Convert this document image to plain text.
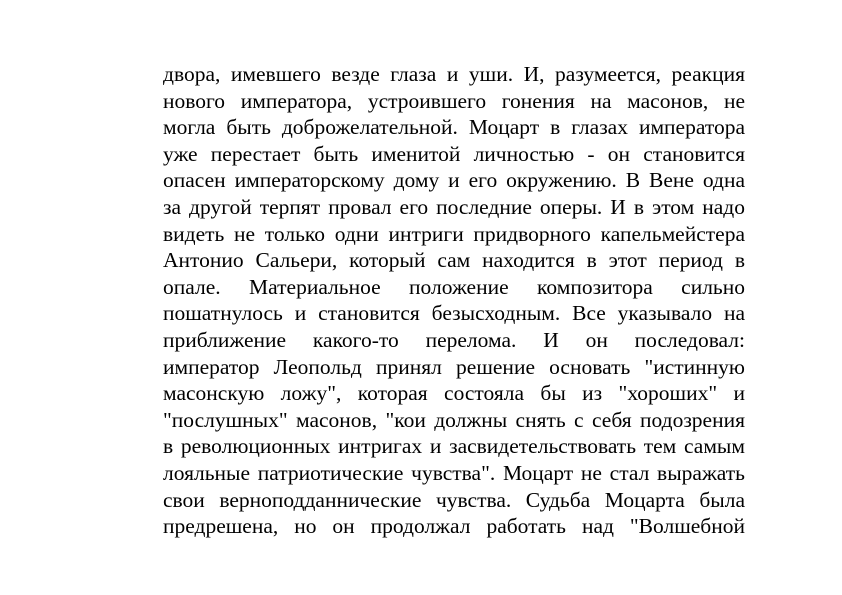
двора, имевшего везде глаза и уши. И, разумеется, реакция
нового императора, устроившего гонения на масонов, не
могла быть доброжелательной. Моцарт в глазах императора
уже перестает быть именитой личностью - он становится
опасен императорскому дому и его окружению. В Вене одна
за другой терпят провал его последние оперы. И в этом надо
видеть не только одни интриги придворного капельмейстера
Антонио Сальери, который сам находится в этот период в
опале. Материальное положение композитора сильно
пошатнулось и становится безысходным. Все указывало на
приближение какого-то перелома. И он последовал:
император Леопольд принял решение основать "истинную
масонскую ложу", которая состояла бы из "хороших" и
"послушных" масонов, "кои должны снять с себя подозрения
в революционных интригах и засвидетельствовать тем самым
лояльные патриотические чувства". Моцарт не стал выражать
свои верноподданнические чувства. Судьба Моцарта была
предрешена, но он продолжал работать над "Волшебной
